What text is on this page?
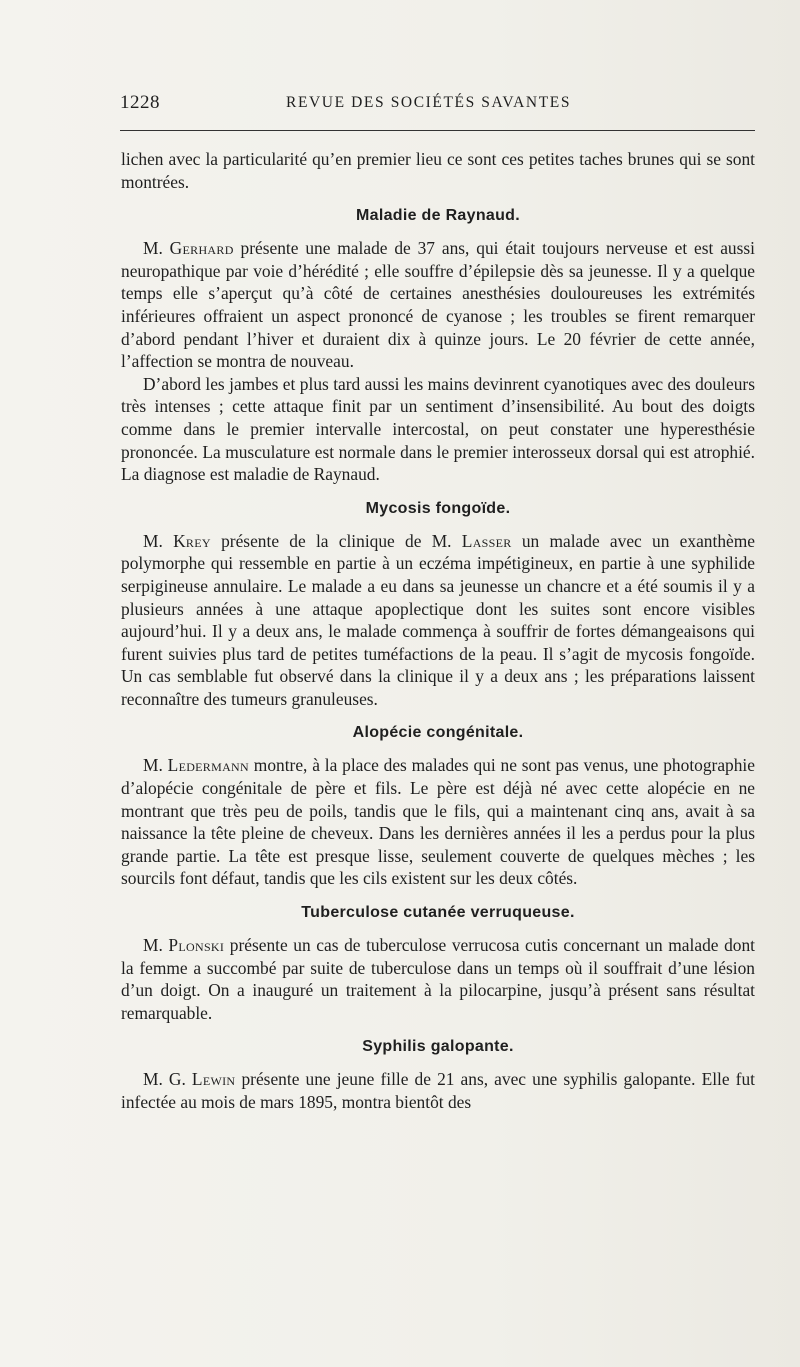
1228	REVUE DES SOCIÉTÉS SAVANTES

lichen avec la particularité qu’en premier lieu ce sont ces petites taches brunes qui se sont montrées.

Maladie de Raynaud.

M. Gerhard présente une malade de 37 ans, qui était toujours nerveuse et est aussi neuropathique par voie d’hérédité ; elle souffre d’épilepsie dès sa jeunesse. Il y a quelque temps elle s’aperçut qu’à côté de certaines anesthésies douloureuses les extrémités inférieures offraient un aspect prononcé de cyanose ; les troubles se firent remarquer d’abord pendant l’hiver et duraient dix à quinze jours. Le 20 février de cette année, l’affection se montra de nouveau.

D’abord les jambes et plus tard aussi les mains devinrent cyanotiques avec des douleurs très intenses ; cette attaque finit par un sentiment d’insensibilité. Au bout des doigts comme dans le premier intervalle intercostal, on peut constater une hyperesthésie prononcée. La musculature est normale dans le premier interosseux dorsal qui est atrophié. La diagnose est maladie de Raynaud.

Mycosis fongoïde.

M. Krey présente de la clinique de M. Lasser un malade avec un exanthème polymorphe qui ressemble en partie à un eczéma impétigineux, en partie à une syphilide serpigineuse annulaire. Le malade a eu dans sa jeunesse un chancre et a été soumis il y a plusieurs années à une attaque apoplectique dont les suites sont encore visibles aujourd’hui. Il y a deux ans, le malade commença à souffrir de fortes démangeaisons qui furent suivies plus tard de petites tuméfactions de la peau. Il s’agit de mycosis fongoïde. Un cas semblable fut observé dans la clinique il y a deux ans ; les préparations laissent reconnaître des tumeurs granuleuses.

Alopécie congénitale.

M. Ledermann montre, à la place des malades qui ne sont pas venus, une photographie d’alopécie congénitale de père et fils. Le père est déjà né avec cette alopécie en ne montrant que très peu de poils, tandis que le fils, qui a maintenant cinq ans, avait à sa naissance la tête pleine de cheveux. Dans les dernières années il les a perdus pour la plus grande partie. La tête est presque lisse, seulement couverte de quelques mèches ; les sourcils font défaut, tandis que les cils existent sur les deux côtés.

Tuberculose cutanée verruqueuse.

M. Plonski présente un cas de tuberculose verrucosa cutis concernant un malade dont la femme a succombé par suite de tuberculose dans un temps où il souffrait d’une lésion d’un doigt. On a inauguré un traitement à la pilocarpine, jusqu’à présent sans résultat remarquable.

Syphilis galopante.

M. G. Lewin présente une jeune fille de 21 ans, avec une syphilis galopante. Elle fut infectée au mois de mars 1895, montra bientôt des
